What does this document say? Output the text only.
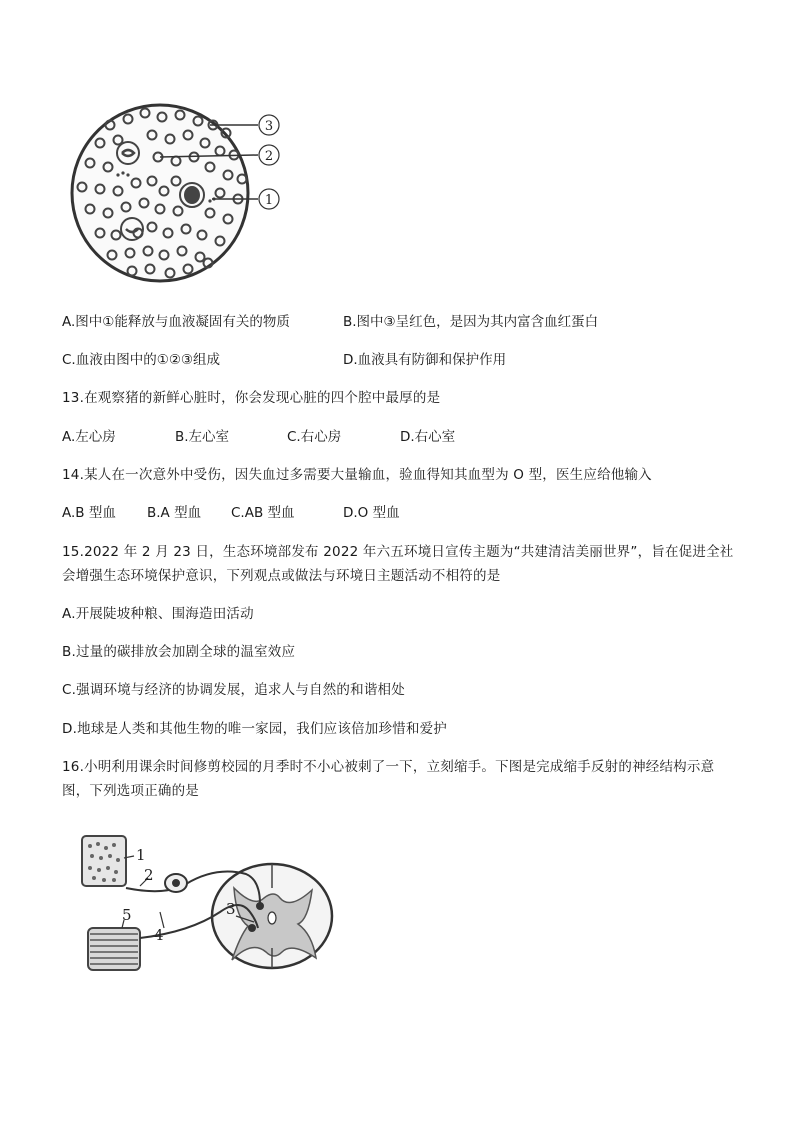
3
2
1
A.图中①能释放与血液凝固有关的物质	B.图中③呈红色，是因为其内富含血红蛋白
C.血液由图中的①②③组成	D.血液具有防御和保护作用
13.在观察猪的新鲜心脏时，你会发现心脏的四个腔中最厚的是
A.左心房	B.左心室	C.右心房	D.右心室
14.某人在一次意外中受伤，因失血过多需要大量输血，验血得知其血型为 O 型，医生应给他输入
A.B 型血 B.A 型血 C.AB 型血	D.O 型血
15.2022 年 2 月 23 日，生态环境部发布 2022 年六五环境日宣传主题为“共建清洁美丽世界”，旨在促进全社
会增强生态环境保护意识，下列观点或做法与环境日主题活动不相符的是
A.开展陡坡种粮、围海造田活动
B.过量的碳排放会加剧全球的温室效应
C.强调环境与经济的协调发展，追求人与自然的和谐相处
D.地球是人类和其他生物的唯一家园，我们应该倍加珍惜和爱护
16.小明利用课余时间修剪校园的月季时不小心被刺了一下，立刻缩手。下图是完成缩手反射的神经结构示意
图，下列选项正确的是
1
2
3
4
5
